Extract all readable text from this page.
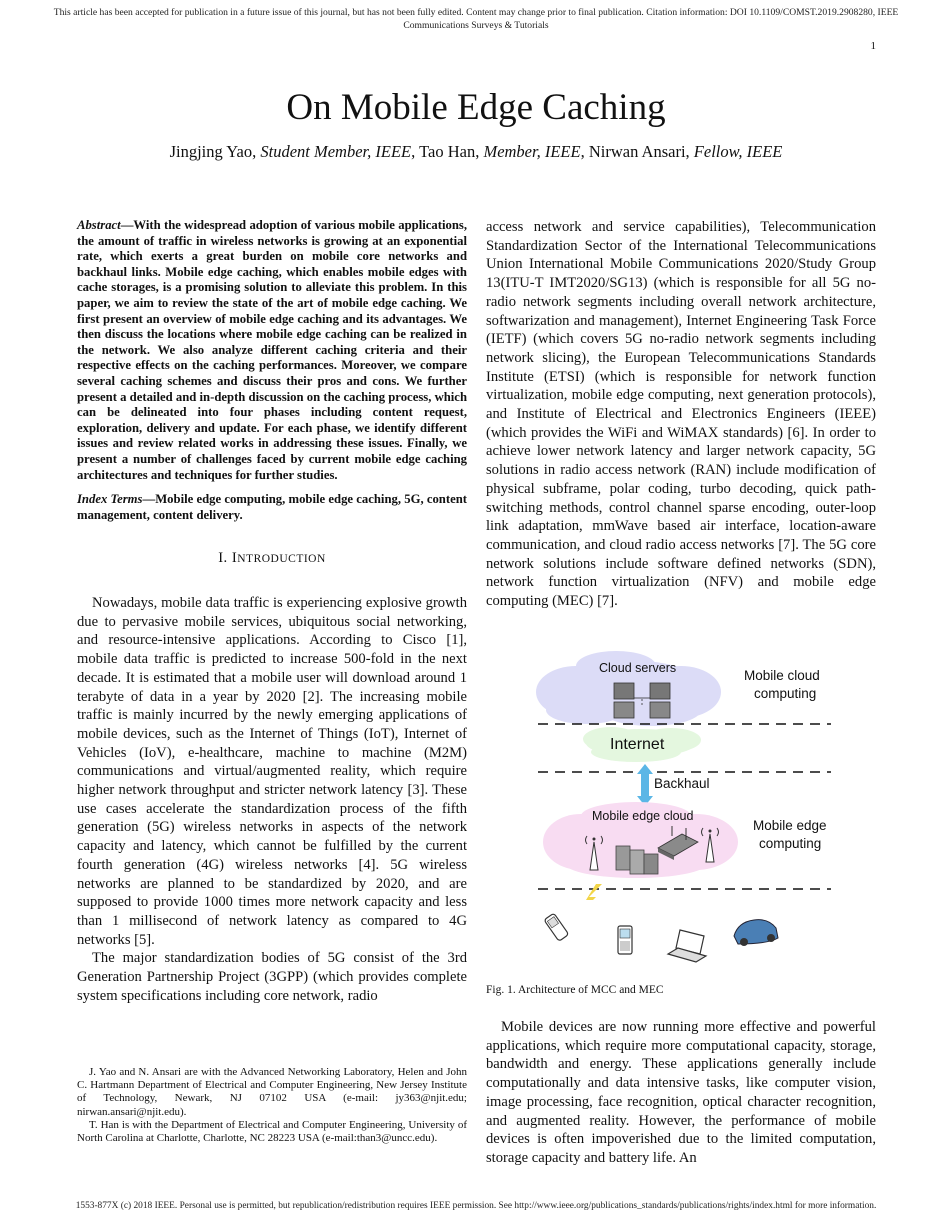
This article has been accepted for publication in a future issue of this journal, but has not been fully edited. Content may change prior to final publication. Citation information: DOI 10.1109/COMST.2019.2908280, IEEE
Communications Surveys & Tutorials
1
On Mobile Edge Caching
Jingjing Yao, Student Member, IEEE, Tao Han, Member, IEEE, Nirwan Ansari, Fellow, IEEE

Abstract—With the widespread adoption of various mobile applications, the amount of traffic in wireless networks is growing at an exponential rate, which exerts a great burden on mobile core networks and backhaul links. Mobile edge caching, which enables mobile edges with cache storages, is a promising solution to alleviate this problem. In this paper, we aim to review the state of the art of mobile edge caching. We first present an overview of mobile edge caching and its advantages. We then discuss the locations where mobile edge caching can be realized in the network. We also analyze different caching criteria and their respective effects on the caching performances. Moreover, we compare several caching schemes and discuss their pros and cons. We further present a detailed and in-depth discussion on the caching process, which can be delineated into four phases including content request, exploration, delivery and update. For each phase, we identify different issues and review related works in addressing these issues. Finally, we present a number of challenges faced by current mobile edge caching architectures and techniques for further studies.

Index Terms—Mobile edge computing, mobile edge caching, 5G, content management, content delivery.

I. INTRODUCTION

Nowadays, mobile data traffic is experiencing explosive growth due to pervasive mobile services, ubiquitous social networking, and resource-intensive applications. According to Cisco [1], mobile data traffic is predicted to increase 500-fold in the next decade. It is estimated that a mobile user will download around 1 terabyte of data in a year by 2020 [2]. The increasing mobile traffic is mainly incurred by the newly emerging applications of mobile devices, such as the Internet of Things (IoT), Internet of Vehicles (IoV), e-healthcare, machine to machine (M2M) communications and virtual/augmented reality, which require higher network throughput and stricter network latency [3]. These use cases accelerate the standardization process of the fifth generation (5G) wireless networks in aspects of the network capacity and latency, which cannot be fulfilled by the current fourth generation (4G) wireless networks [4]. 5G wireless networks are planned to be standardized by 2020, and are supposed to provide 1000 times more network capacity and less than 1 millisecond of network latency as compared to 4G networks [5].

The major standardization bodies of 5G consist of the 3rd Generation Partnership Project (3GPP) (which provides complete system specifications including core network, radio

J. Yao and N. Ansari are with the Advanced Networking Laboratory, Helen and John C. Hartmann Department of Electrical and Computer Engineering, New Jersey Institute of Technology, Newark, NJ 07102 USA (e-mail: jy363@njit.edu; nirwan.ansari@njit.edu).

T. Han is with the Department of Electrical and Computer Engineering, University of North Carolina at Charlotte, Charlotte, NC 28223 USA (e-mail:than3@uncc.edu).

access network and service capabilities), Telecommunication Standardization Sector of the International Telecommunications Union International Mobile Communications 2020/Study Group 13(ITU-T IMT2020/SG13) (which is responsible for all 5G no-radio network segments including overall network architecture, softwarization and management), Internet Engineering Task Force (IETF) (which covers 5G no-radio network segments including network slicing), the European Telecommunications Standards Institute (ETSI) (which is responsible for network function virtualization, mobile edge computing, next generation protocols), and Institute of Electrical and Electronics Engineers (IEEE) (which provides the WiFi and WiMAX standards) [6]. In order to achieve lower network latency and larger network capacity, 5G solutions in radio access network (RAN) include modification of physical subframe, polar coding, turbo decoding, quick path-switching methods, control channel sparse encoding, outer-loop link adaptation, mmWave based air interface, location-aware communication, and cloud radio access networks [7]. The 5G core network solutions include software defined networks (SDN), network function virtualization (NFV) and mobile edge computing (MEC) [7].

Cloud servers	Mobile cloud
computing
Internet
Backhaul
Mobile edge cloud
Mobile edge
computing
Fig. 1. Architecture of MCC and MEC

Mobile devices are now running more effective and powerful applications, which require more computational capacity, storage, bandwidth and energy. These applications generally include computationally and data intensive tasks, like computer vision, image processing, face recognition, optical character recognition, and augmented reality. However, the performance of mobile devices is often impoverished due to the limited computation, storage capacity and battery life. An

1553-877X (c) 2018 IEEE. Personal use is permitted, but republication/redistribution requires IEEE permission. See http://www.ieee.org/publications_standards/publications/rights/index.html for more information.
